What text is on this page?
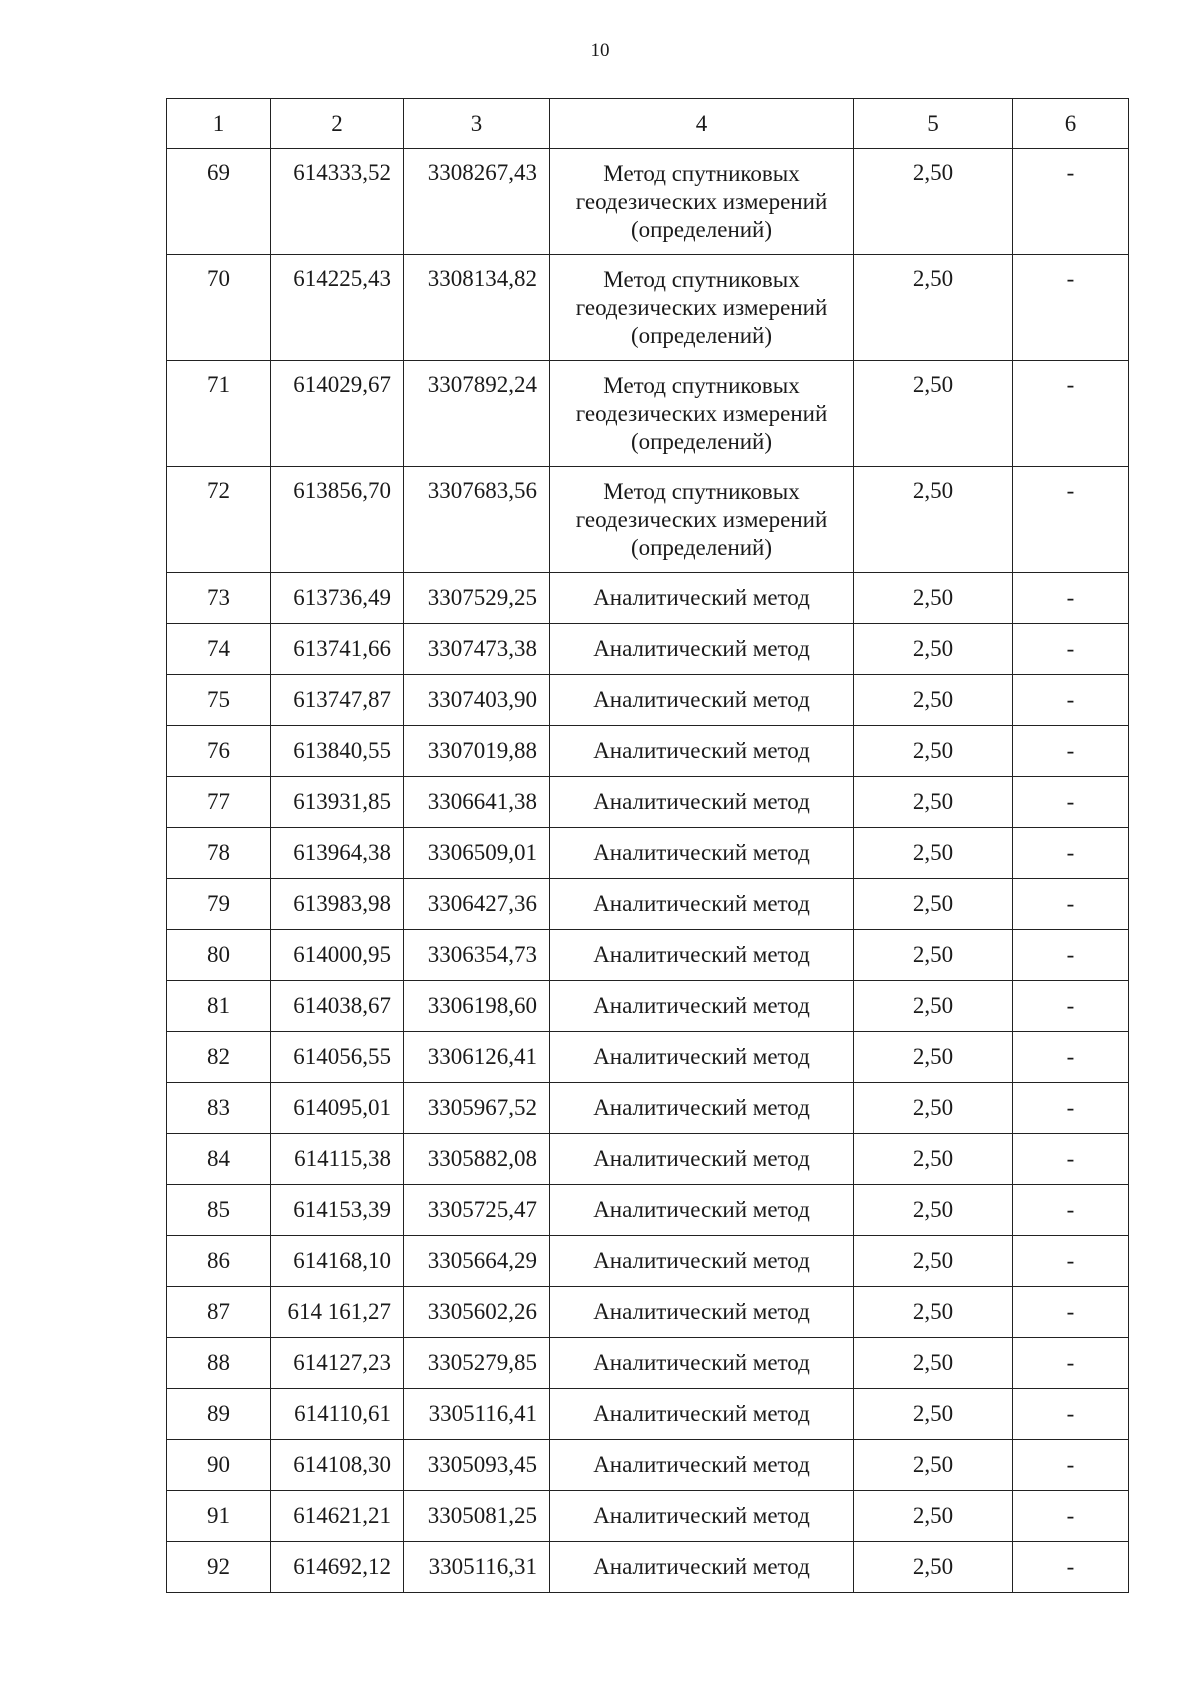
10
1	2	3	4	5	6
69	614333,52	3308267,43	Метод спутниковых геодезических измерений (определений)	2,50	-
70	614225,43	3308134,82	Метод спутниковых геодезических измерений (определений)	2,50	-
71	614029,67	3307892,24	Метод спутниковых геодезических измерений (определений)	2,50	-
72	613856,70	3307683,56	Метод спутниковых геодезических измерений (определений)	2,50	-
73	613736,49	3307529,25	Аналитический метод	2,50	-
74	613741,66	3307473,38	Аналитический метод	2,50	-
75	613747,87	3307403,90	Аналитический метод	2,50	-
76	613840,55	3307019,88	Аналитический метод	2,50	-
77	613931,85	3306641,38	Аналитический метод	2,50	-
78	613964,38	3306509,01	Аналитический метод	2,50	-
79	613983,98	3306427,36	Аналитический метод	2,50	-
80	614000,95	3306354,73	Аналитический метод	2,50	-
81	614038,67	3306198,60	Аналитический метод	2,50	-
82	614056,55	3306126,41	Аналитический метод	2,50	-
83	614095,01	3305967,52	Аналитический метод	2,50	-
84	614115,38	3305882,08	Аналитический метод	2,50	-
85	614153,39	3305725,47	Аналитический метод	2,50	-
86	614168,10	3305664,29	Аналитический метод	2,50	-
87	614 161,27	3305602,26	Аналитический метод	2,50	-
88	614127,23	3305279,85	Аналитический метод	2,50	-
89	614110,61	3305116,41	Аналитический метод	2,50	-
90	614108,30	3305093,45	Аналитический метод	2,50	-
91	614621,21	3305081,25	Аналитический метод	2,50	-
92	614692,12	3305116,31	Аналитический метод	2,50	-
